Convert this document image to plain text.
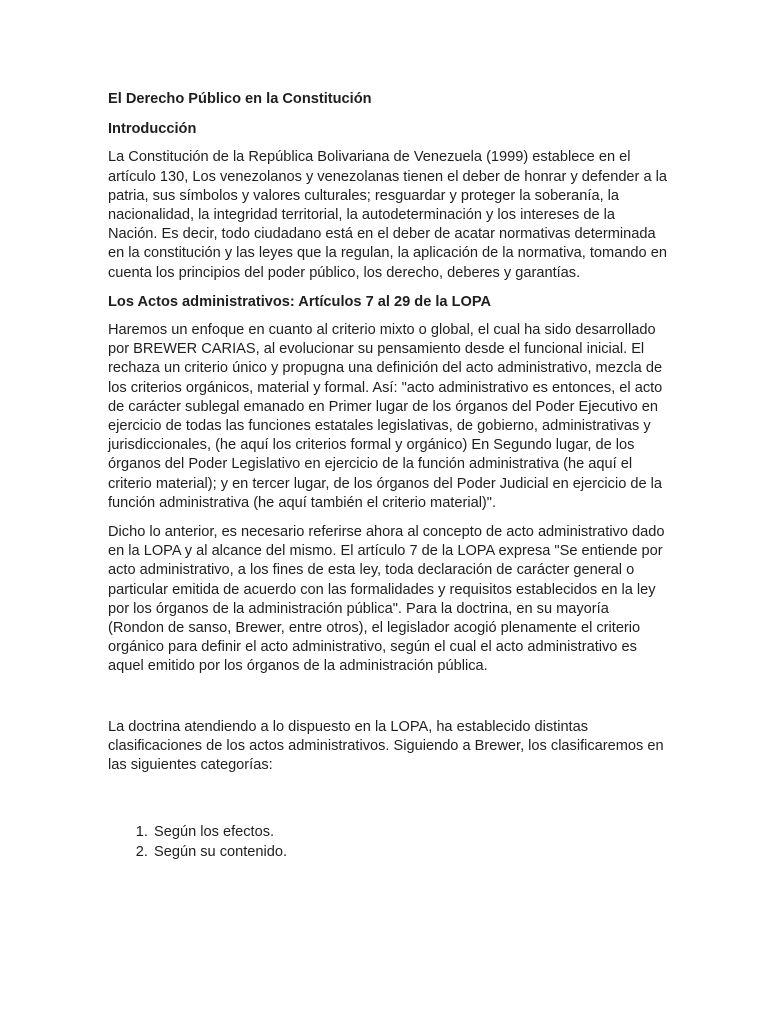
El Derecho Público en la Constitución
Introducción

La Constitución de la República Bolivariana de Venezuela (1999) establece en el artículo 130, Los venezolanos y venezolanas tienen el deber de honrar y defender a la patria, sus símbolos y valores culturales; resguardar y proteger la soberanía, la nacionalidad, la integridad territorial, la autodeterminación y los intereses de la Nación. Es decir, todo ciudadano está en el deber de acatar normativas determinada en la constitución y las leyes que la regulan, la aplicación de la normativa, tomando en cuenta los principios del poder público, los derecho, deberes y garantías.

Los Actos administrativos: Artículos 7 al 29 de la LOPA

Haremos un enfoque en cuanto al criterio mixto o global, el cual ha sido desarrollado por BREWER CARIAS, al evolucionar su pensamiento desde el funcional inicial. El rechaza un criterio único y propugna una definición del acto administrativo, mezcla de los criterios orgánicos, material y formal. Así: "acto administrativo es entonces, el acto de carácter sublegal emanado en Primer lugar de los órganos del Poder Ejecutivo en ejercicio de todas las funciones estatales legislativas, de gobierno, administrativas y jurisdiccionales, (he aquí los criterios formal y orgánico) En Segundo lugar, de los órganos del Poder Legislativo en ejercicio de la función administrativa (he aquí el criterio material); y en tercer lugar, de los órganos del Poder Judicial en ejercicio de la función administrativa (he aquí también el criterio material)".

Dicho lo anterior, es necesario referirse ahora al concepto de acto administrativo dado en la LOPA y al alcance del mismo. El artículo 7 de la LOPA expresa "Se entiende por acto administrativo, a los fines de esta ley, toda declaración de carácter general o particular emitida de acuerdo con las formalidades y requisitos establecidos en la ley por los órganos de la administración pública". Para la doctrina, en su mayoría (Rondon de sanso, Brewer, entre otros), el legislador acogió plenamente el criterio orgánico para definir el acto administrativo, según el cual el acto administrativo es aquel emitido por los órganos de la administración pública.

La doctrina atendiendo a lo dispuesto en la LOPA, ha establecido distintas clasificaciones de los actos administrativos. Siguiendo a Brewer, los clasificaremos en las siguientes categorías:

1. Según los efectos.
2. Según su contenido.
